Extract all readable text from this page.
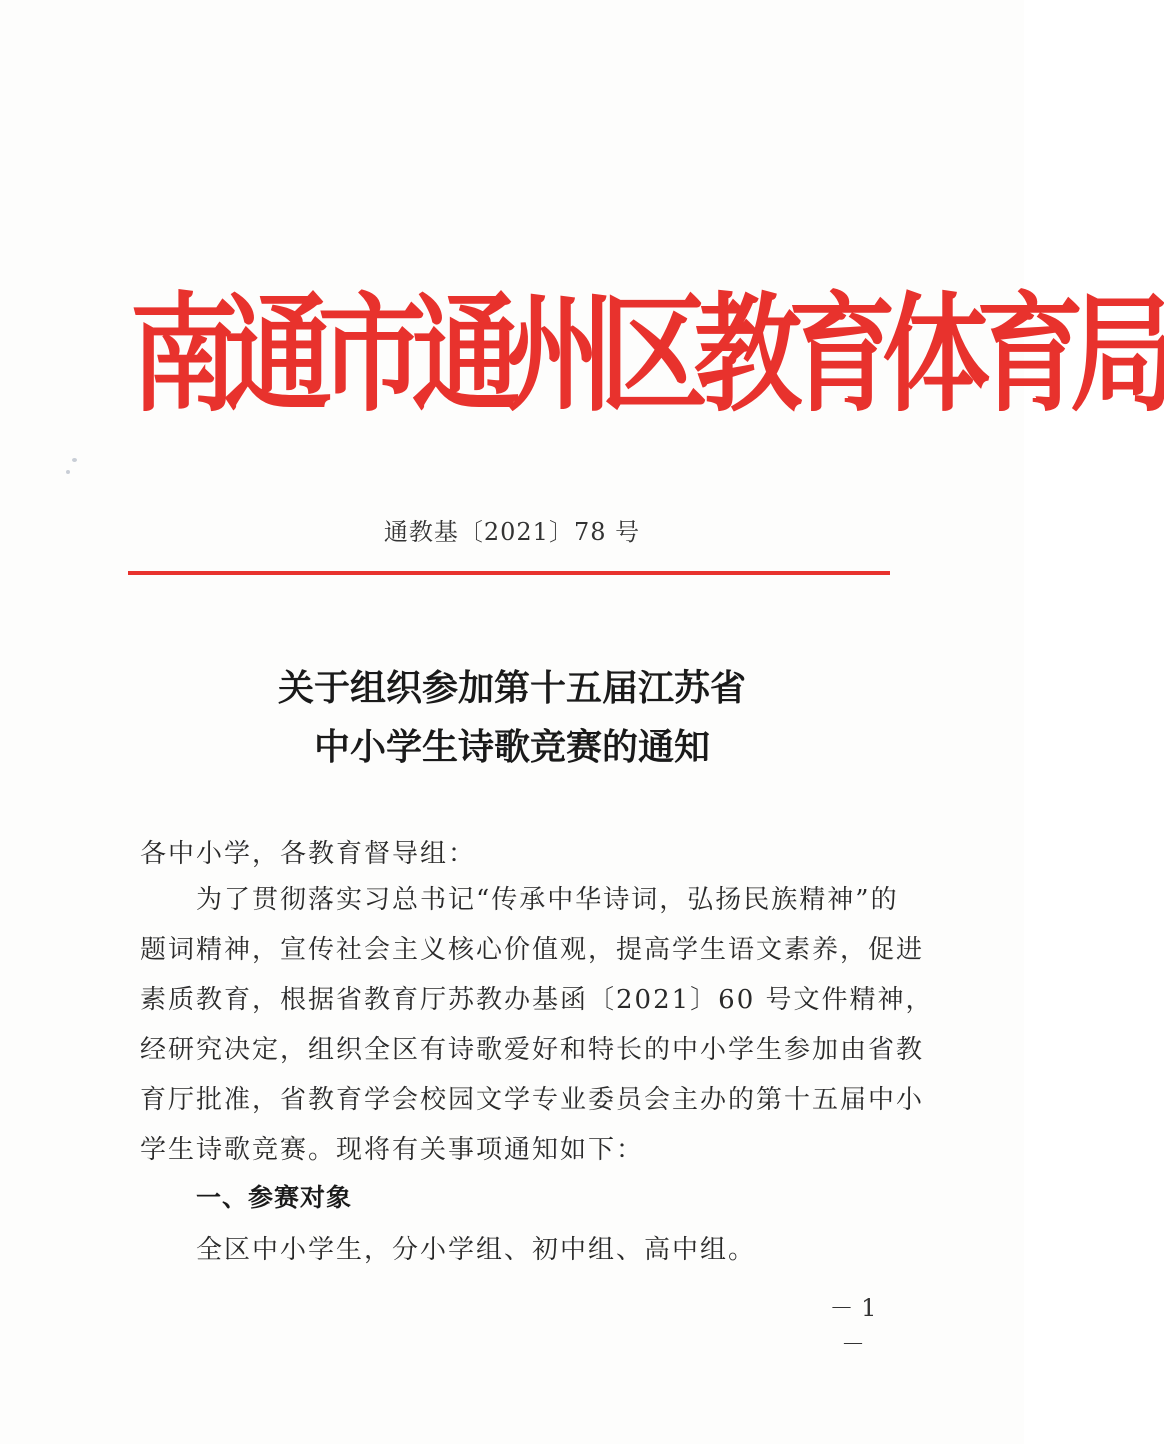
南通市通州区教育体育局
通教基〔2021〕78 号
关于组织参加第十五届江苏省
中小学生诗歌竞赛的通知
各中小学，各教育督导组：
为了贯彻落实习总书记“传承中华诗词，弘扬民族精神”的
题词精神，宣传社会主义核心价值观，提高学生语文素养，促进
素质教育，根据省教育厅苏教办基函〔2021〕60 号文件精神，
经研究决定，组织全区有诗歌爱好和特长的中小学生参加由省教
育厅批准，省教育学会校园文学专业委员会主办的第十五届中小
学生诗歌竞赛。现将有关事项通知如下：
一、参赛对象
全区中小学生，分小学组、初中组、高中组。
－ 1 －
